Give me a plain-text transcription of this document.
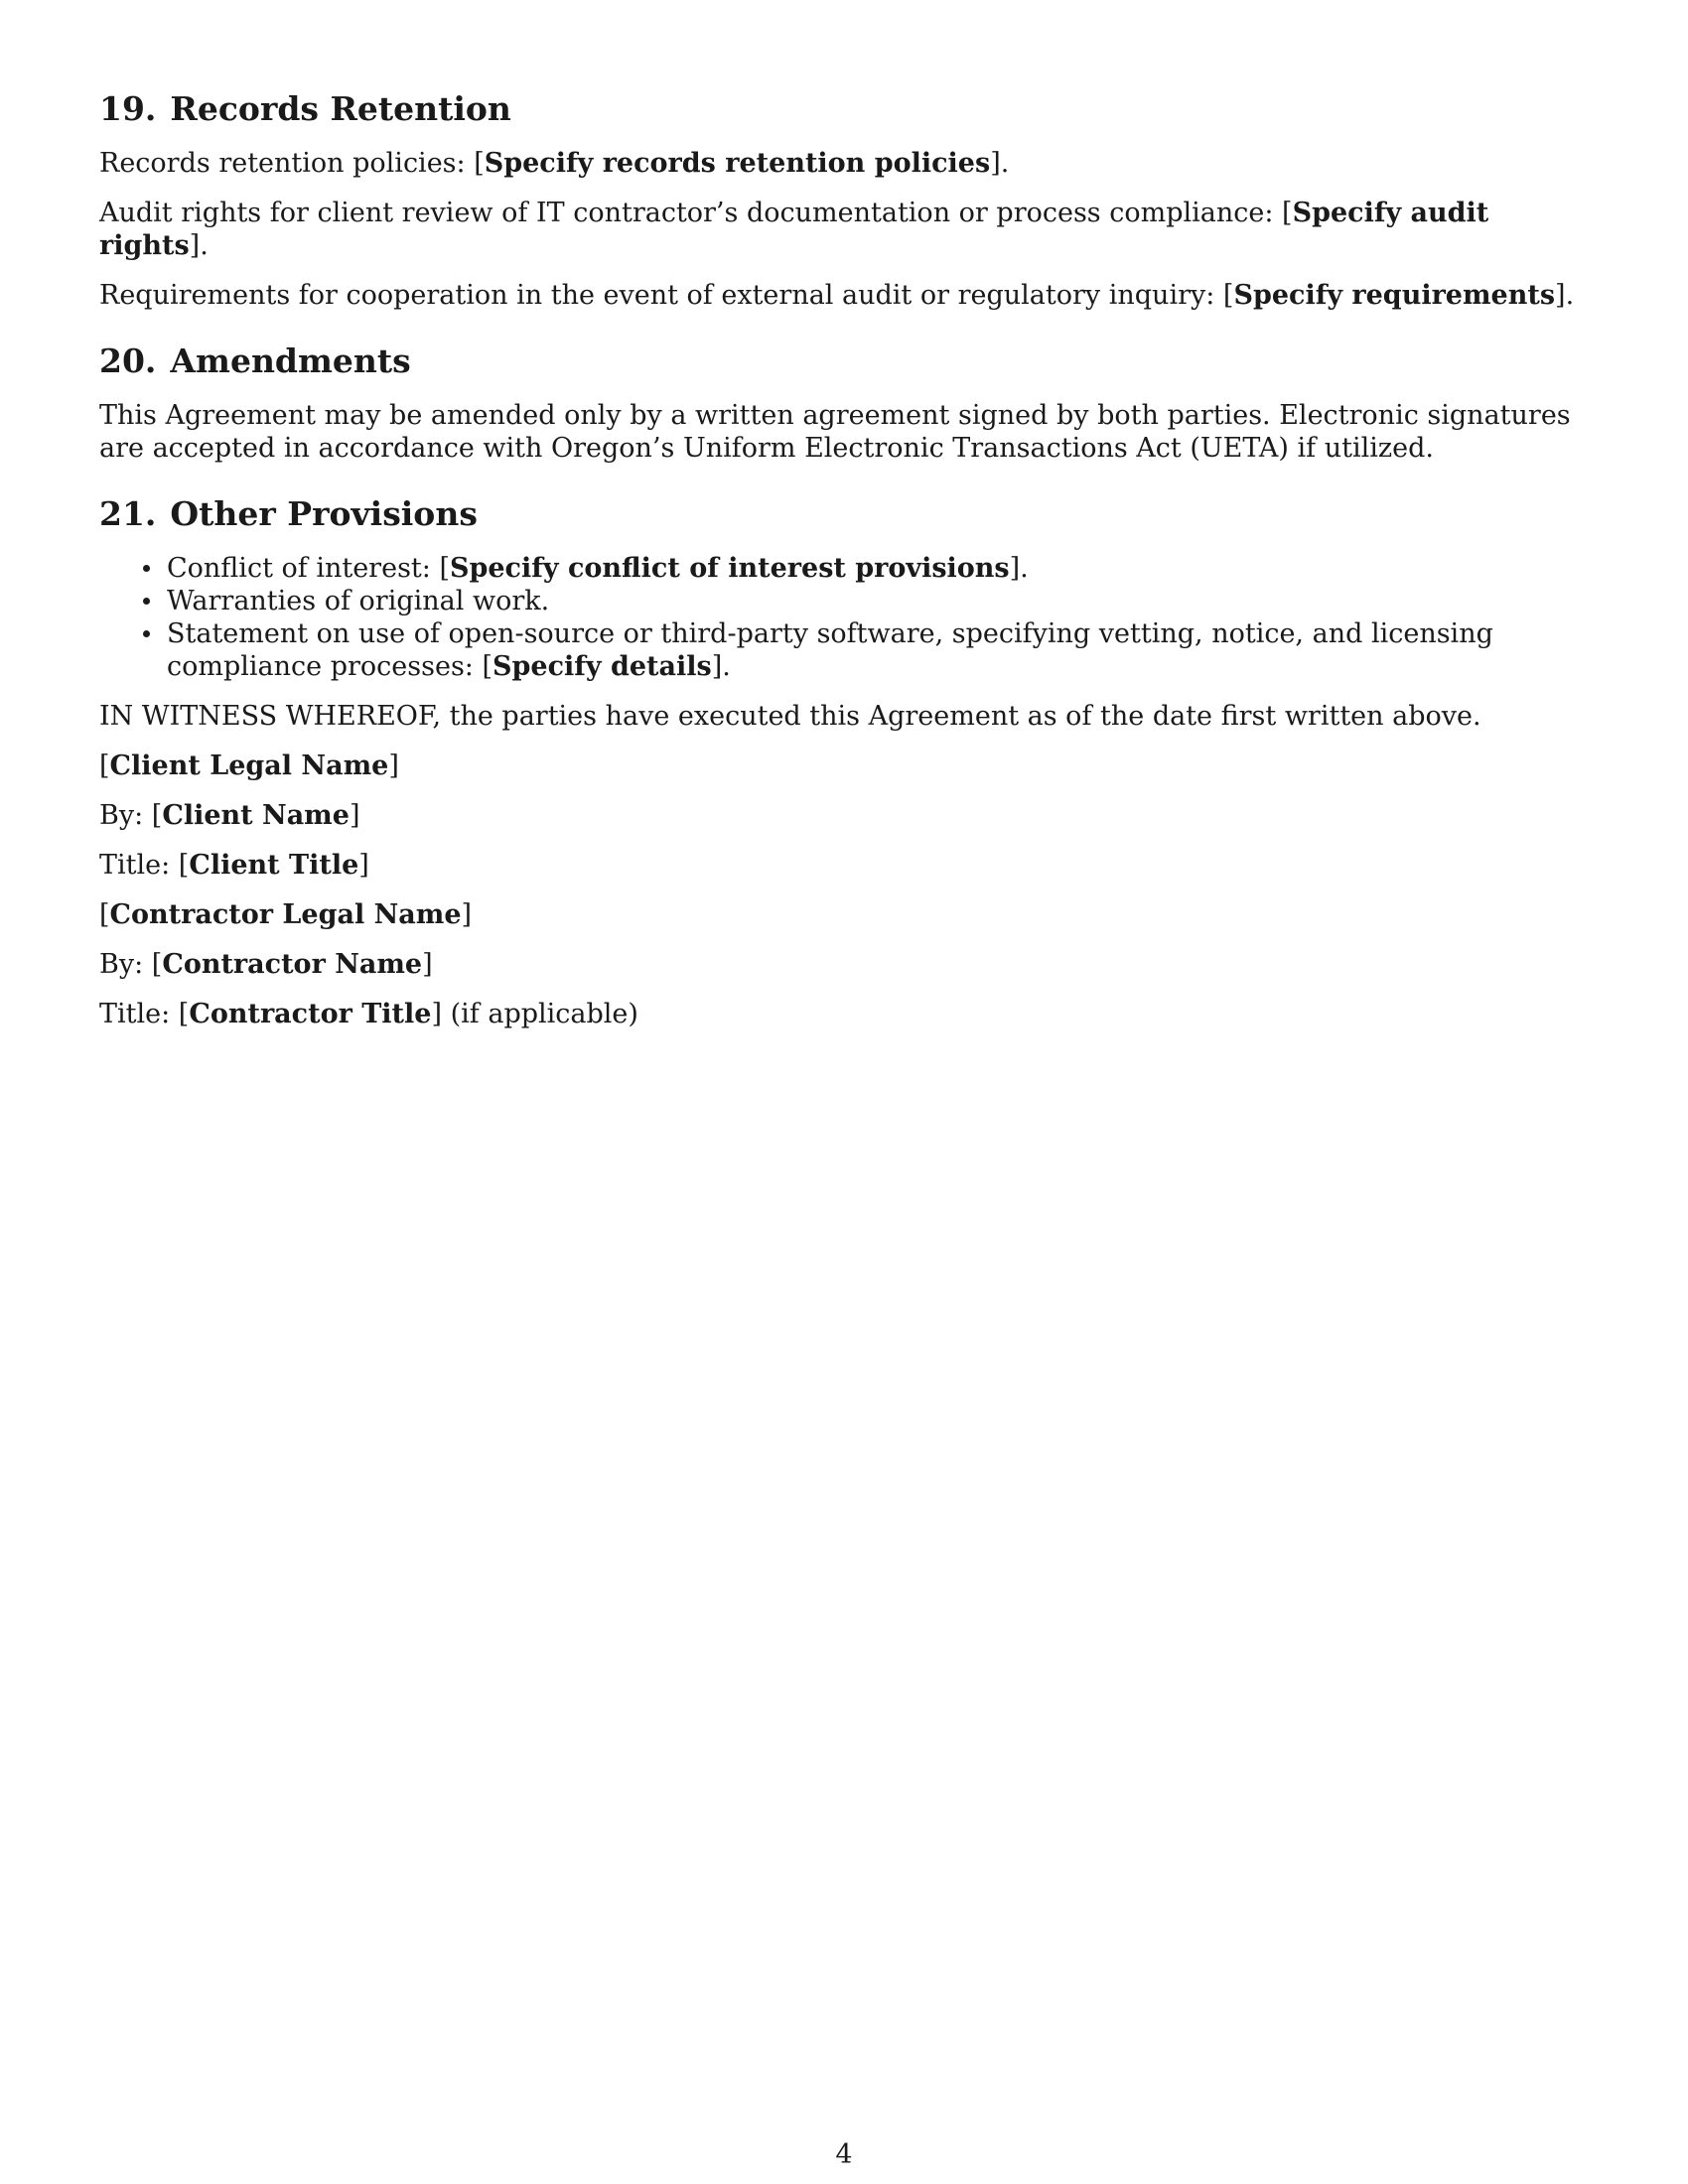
19. Records Retention

Records retention policies: [Specify records retention policies].

Audit rights for client review of IT contractor’s documentation or process compliance: [Specify audit rights].

Requirements for cooperation in the event of external audit or regulatory inquiry: [Specify requirements].

20. Amendments

This Agreement may be amended only by a written agreement signed by both parties. Electronic signatures are accepted in accordance with Oregon’s Uniform Electronic Transactions Act (UETA) if utilized.

21. Other Provisions
Conflict of interest: [Specify conflict of interest provisions].
Warranties of original work.
Statement on use of open-source or third-party software, specifying vetting, notice, and licensing compliance processes: [Specify details].

IN WITNESS WHEREOF, the parties have executed this Agreement as of the date first written above.

[Client Legal Name]

By: [Client Name]

Title: [Client Title]

[Contractor Legal Name]

By: [Contractor Name]

Title: [Contractor Title] (if applicable)

4
